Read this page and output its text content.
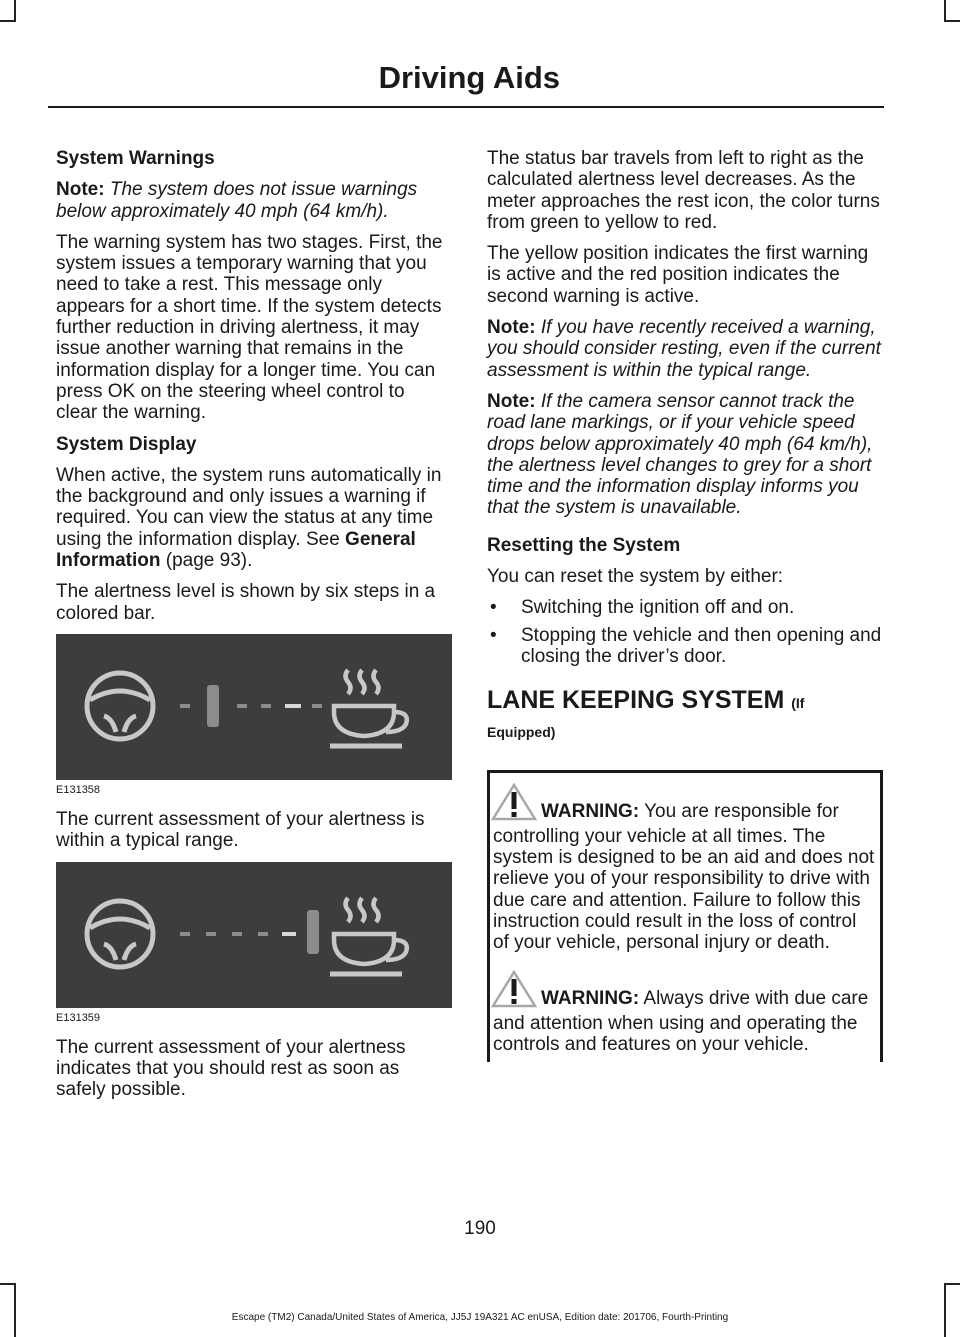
Driving Aids
System Warnings

Note: The system does not issue warnings below approximately 40 mph (64 km/h).

The warning system has two stages. First, the system issues a temporary warning that you need to take a rest. This message only appears for a short time. If the system detects further reduction in driving alertness, it may issue another warning that remains in the information display for a longer time. You can press OK on the steering wheel control to clear the warning.

System Display

When active, the system runs automatically in the background and only issues a warning if required. You can view the status at any time using the information display. See General Information (page 93).

The alertness level is shown by six steps in a colored bar.

E131358

The current assessment of your alertness is within a typical range.

E131359

The current assessment of your alertness indicates that you should rest as soon as safely possible.

The status bar travels from left to right as the calculated alertness level decreases. As the meter approaches the rest icon, the color turns from green to yellow to red.

The yellow position indicates the first warning is active and the red position indicates the second warning is active.

Note: If you have recently received a warning, you should consider resting, even if the current assessment is within the typical range.

Note: If the camera sensor cannot track the road lane markings, or if your vehicle speed drops below approximately 40 mph (64 km/h), the alertness level changes to grey for a short time and the information display informs you that the system is unavailable.

Resetting the System

You can reset the system by either:

• Switching the ignition off and on.
• Stopping the vehicle and then opening and closing the driver’s door.
LANE KEEPING SYSTEM (If
Equipped)
WARNING: You are responsible for controlling your vehicle at all times. The system is designed to be an aid and does not relieve you of your responsibility to drive with due care and attention. Failure to follow this instruction could result in the loss of control of your vehicle, personal injury or death.
WARNING: Always drive with due care and attention when using and operating the controls and features on your vehicle.
190
Escape (TM2) Canada/United States of America, JJ5J 19A321 AC enUSA, Edition date: 201706, Fourth-Printing
